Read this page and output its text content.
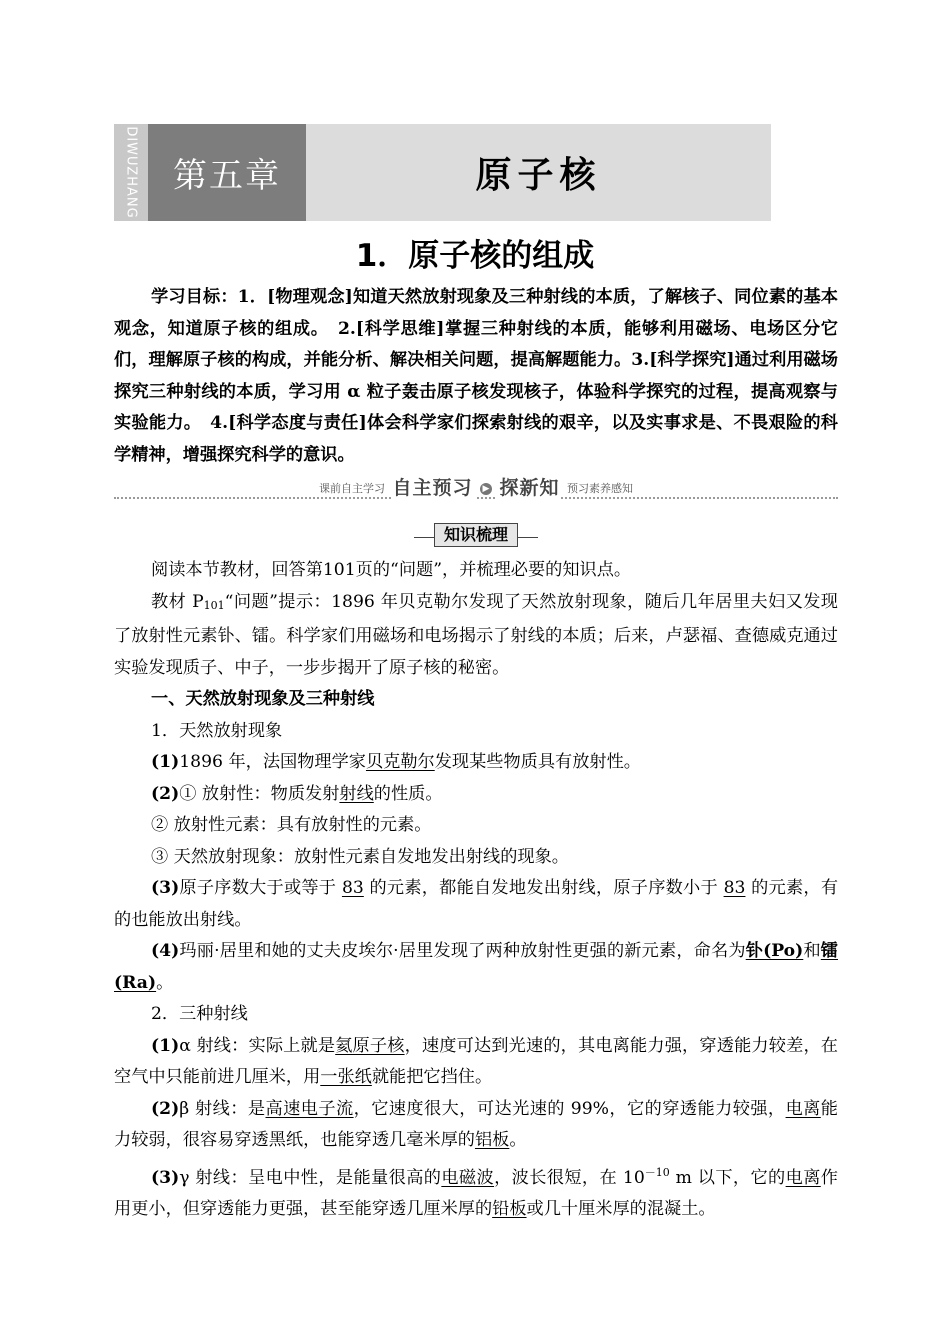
DIWUZHANG 第五章	原子核
1．原子核的组成

学习目标：1．[物理观念]知道天然放射现象及三种射线的本质，了解核子、同位素的基本观念，知道原子核的组成。　2.[科学思维]掌握三种射线的本质，能够利用磁场、电场区分它们，理解原子核的构成，并能分析、解决相关问题，提高解题能力。3.[科学探究]通过利用磁场探究三种射线的本质，学习用 α 粒子轰击原子核发现核子，体验科学探究的过程，提高观察与实验能力。　4.[科学态度与责任]体会科学家们探索射线的艰辛，以及实事求是、不畏艰险的科学精神，增强探究科学的意识。

课前自主学习 自主预习 ▶ 探新知 预习素养感知
知识梳理

阅读本节教材，回答第101页的“问题”，并梳理必要的知识点。

教材 P101“问题”提示：1896 年贝克勒尔发现了天然放射现象，随后几年居里夫妇又发现了放射性元素钋、镭。科学家们用磁场和电场揭示了射线的本质；后来，卢瑟福、查德威克通过实验发现质子、中子，一步步揭开了原子核的秘密。

一、天然放射现象及三种射线

1．天然放射现象

(1)1896 年，法国物理学家贝克勒尔发现某些物质具有放射性。

(2)① 放射性：物质发射射线的性质。

② 放射性元素：具有放射性的元素。

③ 天然放射现象：放射性元素自发地发出射线的现象。

(3)原子序数大于或等于 83 的元素，都能自发地发出射线，原子序数小于 83 的元素，有的也能放出射线。

(4)玛丽·居里和她的丈夫皮埃尔·居里发现了两种放射性更强的新元素，命名为钋(Po)和镭(Ra)。

2．三种射线

(1)α 射线：实际上就是氦原子核，速度可达到光速的，其电离能力强，穿透能力较差，在空气中只能前进几厘米，用一张纸就能把它挡住。

(2)β 射线：是高速电子流，它速度很大，可达光速的 99%，它的穿透能力较强，电离能力较弱，很容易穿透黑纸，也能穿透几毫米厚的铝板。

(3)γ 射线：呈电中性，是能量很高的电磁波，波长很短，在 $10^{-10}$ m 以下，它的电离作用更小，但穿透能力更强，甚至能穿透几厘米厚的铅板或几十厘米厚的混凝土。
